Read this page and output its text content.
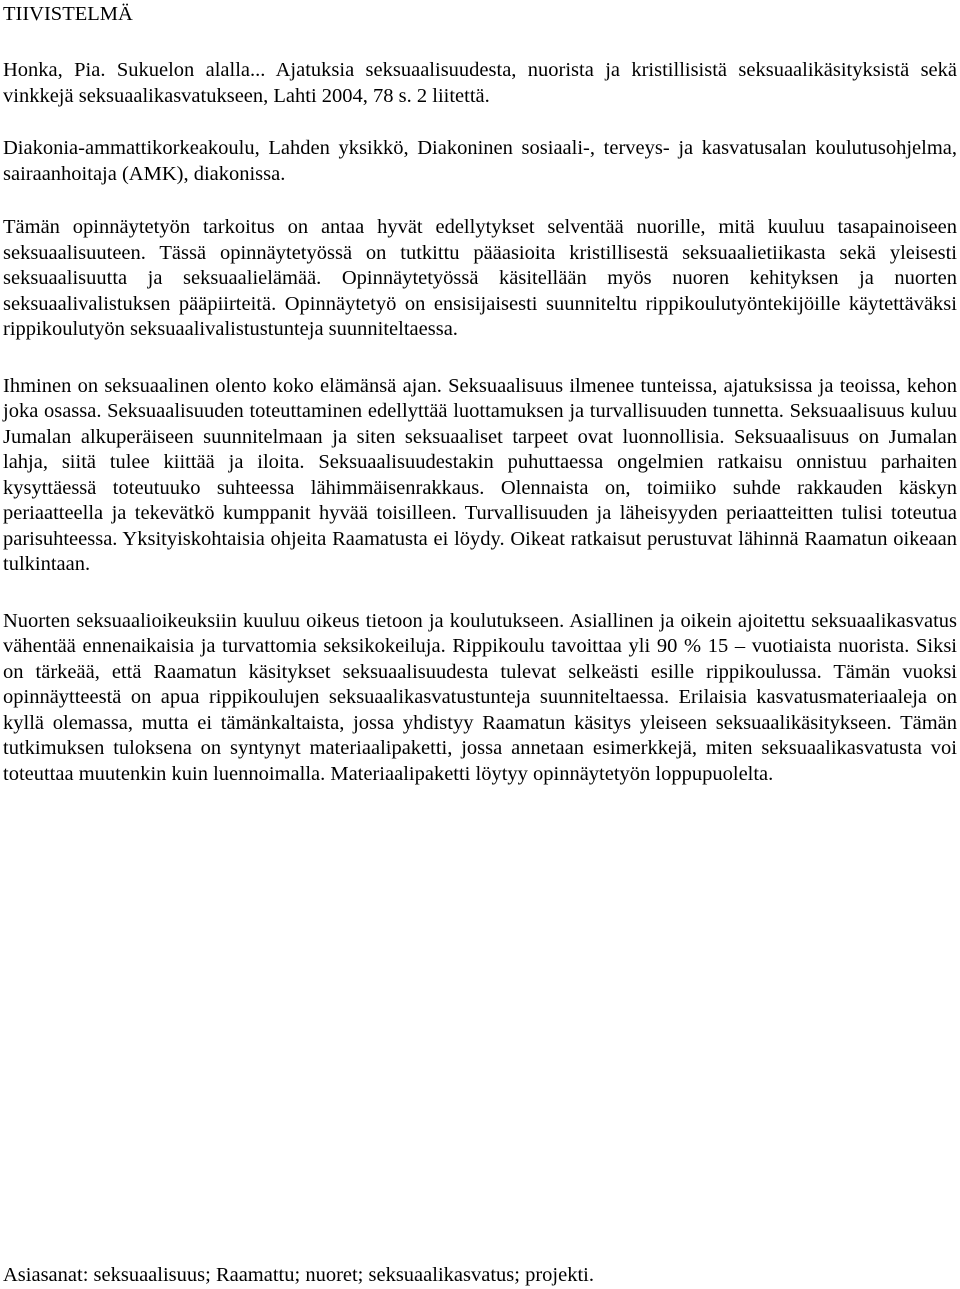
TIIVISTELMÄ

Honka, Pia. Sukuelon alalla... Ajatuksia seksuaalisuudesta, nuorista ja kristillisistä seksuaalikäsityksistä sekä vinkkejä seksuaalikasvatukseen, Lahti 2004, 78 s. 2 liitettä.

Diakonia-ammattikorkeakoulu, Lahden yksikkö, Diakoninen sosiaali-, terveys- ja kasvatusalan koulutusohjelma, sairaanhoitaja (AMK), diakonissa.

Tämän opinnäytetyön tarkoitus on antaa hyvät edellytykset selventää nuorille, mitä kuuluu tasapainoiseen seksuaalisuuteen. Tässä opinnäytetyössä on tutkittu pääasioita kristillisestä seksuaalietiikasta sekä yleisesti seksuaalisuutta ja seksuaalielämää. Opinnäytetyössä käsitellään myös nuoren kehityksen ja nuorten seksuaalivalistuksen pääpiirteitä. Opinnäytetyö on ensisijaisesti suunniteltu rippikoulutyöntekijöille käytettäväksi rippikoulutyön seksuaalivalistustunteja suunniteltaessa.

Ihminen on seksuaalinen olento koko elämänsä ajan. Seksuaalisuus ilmenee tunteissa, ajatuksissa ja teoissa, kehon joka osassa. Seksuaalisuuden toteuttaminen edellyttää luottamuksen ja turvallisuuden tunnetta. Seksuaalisuus kuluu Jumalan alkuperäiseen suunnitelmaan ja siten seksuaaliset tarpeet ovat luonnollisia. Seksuaalisuus on Jumalan lahja, siitä tulee kiittää ja iloita. Seksuaalisuudestakin puhuttaessa ongelmien ratkaisu onnistuu parhaiten kysyttäessä toteutuuko suhteessa lähimmäisenrakkaus. Olennaista on, toimiiko suhde rakkauden käskyn periaatteella ja tekevätkö kumppanit hyvää toisilleen. Turvallisuuden ja läheisyyden periaatteitten tulisi toteutua parisuhteessa. Yksityiskohtaisia ohjeita Raamatusta ei löydy. Oikeat ratkaisut perustuvat lähinnä Raamatun oikeaan tulkintaan.

Nuorten seksuaalioikeuksiin kuuluu oikeus tietoon ja koulutukseen. Asiallinen ja oikein ajoitettu seksuaalikasvatus vähentää ennenaikaisia ja turvattomia seksikokeiluja. Rippikoulu tavoittaa yli 90 % 15 – vuotiaista nuorista. Siksi on tärkeää, että Raamatun käsitykset seksuaalisuudesta tulevat selkeästi esille rippikoulussa. Tämän vuoksi opinnäytteestä on apua rippikoulujen seksuaalikasvatustunteja suunniteltaessa. Erilaisia kasvatusmateriaaleja on kyllä olemassa, mutta ei tämänkaltaista, jossa yhdistyy Raamatun käsitys yleiseen seksuaalikäsitykseen. Tämän tutkimuksen tuloksena on syntynyt materiaalipaketti, jossa annetaan esimerkkejä, miten seksuaalikasvatusta voi toteuttaa muutenkin kuin luennoimalla. Materiaalipaketti löytyy opinnäytetyön loppupuolelta.

Asiasanat: seksuaalisuus; Raamattu; nuoret; seksuaalikasvatus; projekti.
